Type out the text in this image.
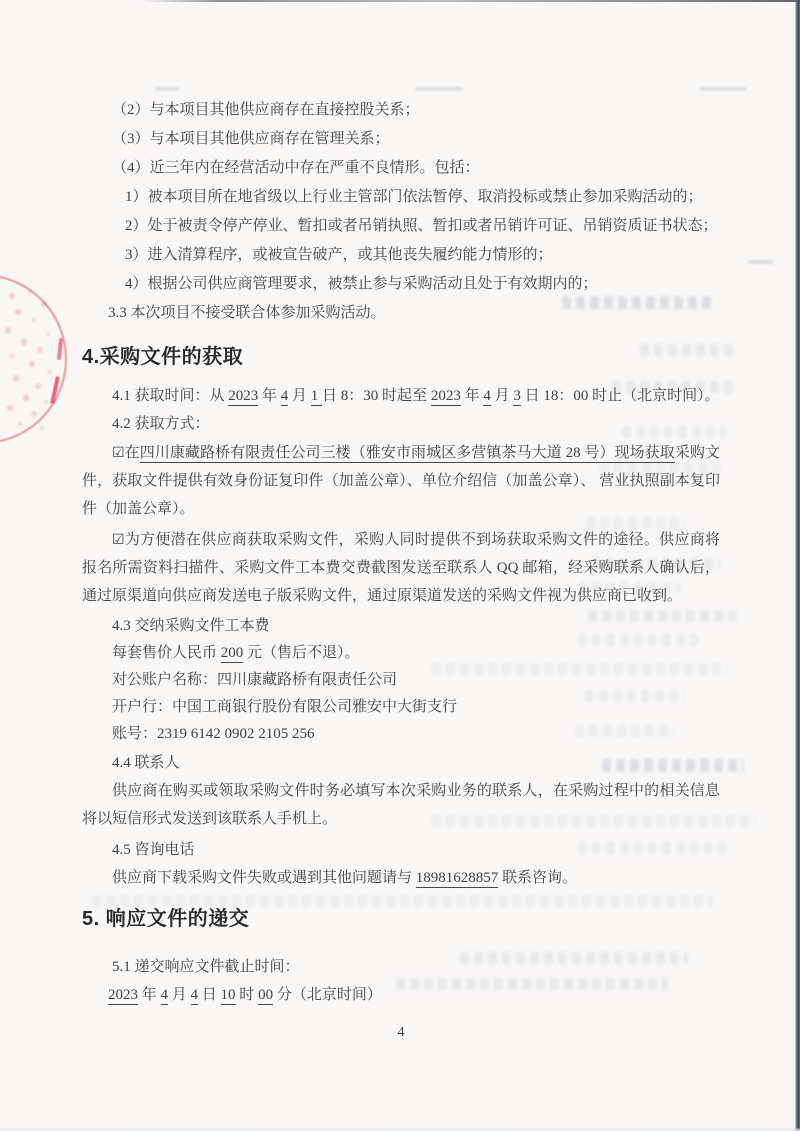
（2）与本项目其他供应商存在直接控股关系；
（3）与本项目其他供应商存在管理关系；
（4）近三年内在经营活动中存在严重不良情形。包括：
1）被本项目所在地省级以上行业主管部门依法暂停、取消投标或禁止参加采购活动的；
2）处于被责令停产停业、暂扣或者吊销执照、暂扣或者吊销许可证、吊销资质证书状态；
3）进入清算程序，或被宣告破产，或其他丧失履约能力情形的；
4）根据公司供应商管理要求，被禁止参与采购活动且处于有效期内的；
3.3 本次项目不接受联合体参加采购活动。
4.采购文件的获取
4.1 获取时间：从 2023 年 4 月 1 日 8：30 时起至 2023 年 4 月 3 日 18：00 时止（北京时间）。
4.2 获取方式：

☑在四川康藏路桥有限责任公司三楼（雅安市雨城区多营镇茶马大道 28 号）现场获取采购文件，获取文件提供有效身份证复印件（加盖公章）、单位介绍信（加盖公章）、 营业执照副本复印件（加盖公章）。

☑为方便潜在供应商获取采购文件，采购人同时提供不到场获取采购文件的途径。供应商将报名所需资料扫描件、采购文件工本费交费截图发送至联系人 QQ 邮箱，经采购联系人确认后，通过原渠道向供应商发送电子版采购文件，通过原渠道发送的采购文件视为供应商已收到。

4.3 交纳采购文件工本费
每套售价人民币 200 元（售后不退）。
对公账户名称：四川康藏路桥有限责任公司
开户行：中国工商银行股份有限公司雅安中大街支行
账号：2319 6142 0902 2105 256
4.4 联系人

供应商在购买或领取采购文件时务必填写本次采购业务的联系人，在采购过程中的相关信息将以短信形式发送到该联系人手机上。

4.5 咨询电话

供应商下载采购文件失败或遇到其他问题请与 18981628857 联系咨询。

5. 响应文件的递交
5.1 递交响应文件截止时间：
2023 年 4 月 4 日 10 时 00 分（北京时间）
4
